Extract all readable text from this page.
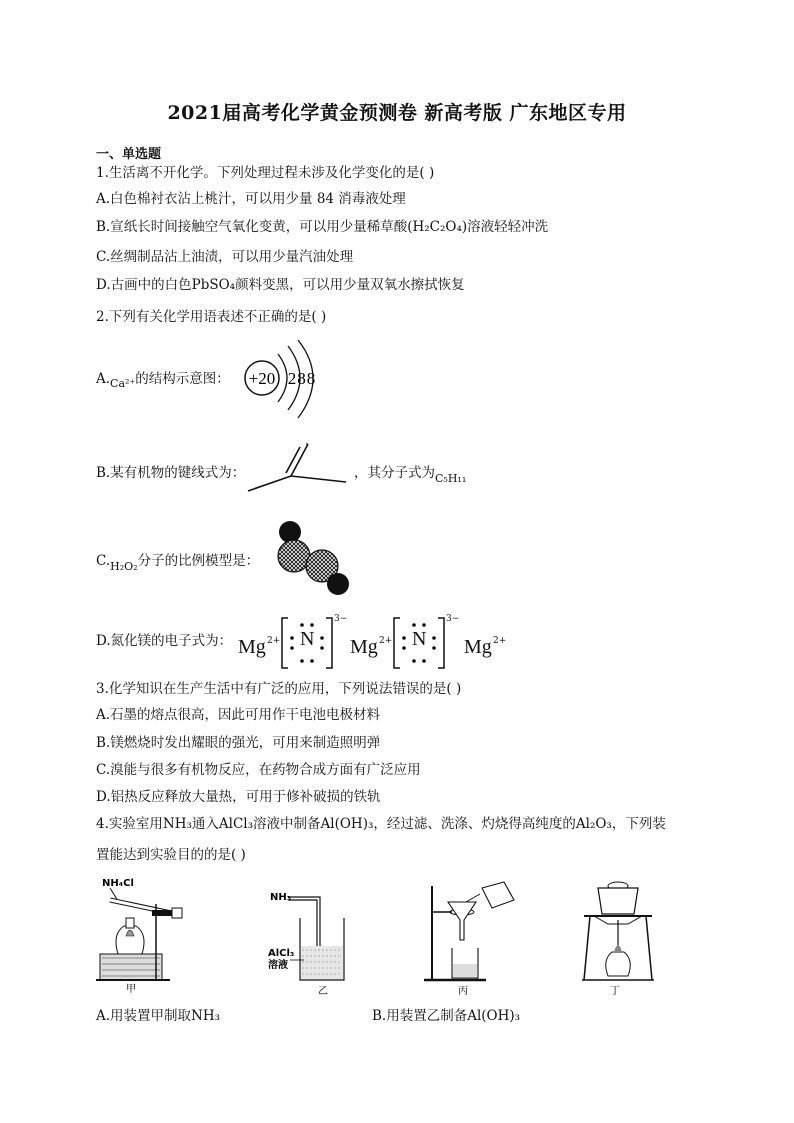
2021届高考化学黄金预测卷 新高考版 广东地区专用
一、单选题
1.生活离不开化学。下列处理过程未涉及化学变化的是( )
A.白色棉衬衣沾上桃汁，可以用少量 84 消毒液处理
B.宣纸长时间接触空气氧化变黄，可以用少量稀草酸(H₂C₂O₄)溶液轻轻冲洗
C.丝绸制品沾上油渍，可以用少量汽油处理
D.古画中的白色PbSO₄颜料变黑，可以用少量双氧水擦拭恢复
2.下列有关化学用语表述不正确的是( )
$A._{Ca^{2+}}$的结构示意图： +20 288
B.某有机物的键线式为：	，其分子式为$_{C_5H_{11}}$
$C._{H_2O_2}$分子的比例模型是：
D.氮化镁的电子式为： Mg 2+ N
3−
Mg 2+ N
3−
Mg 2+
3.化学知识在生产生活中有广泛的应用，下列说法错误的是( )
A.石墨的熔点很高，因此可用作干电池电极材料
B.镁燃烧时发出耀眼的强光，可用来制造照明弹
C.溴能与很多有机物反应，在药物合成方面有广泛应用
D.铝热反应释放大量热，可用于修补破损的铁轨
4.实验室用NH₃通入AlCl₃溶液中制备Al(OH)₃，经过滤、洗涤、灼烧得高纯度的Al₂O₃，下列装
置能达到实验目的的是( )
NH₄Cl
甲
NH₃
AlCl₃
溶液
乙	丙	丁
A.用装置甲制取NH₃	B.用装置乙制备Al(OH)₃
